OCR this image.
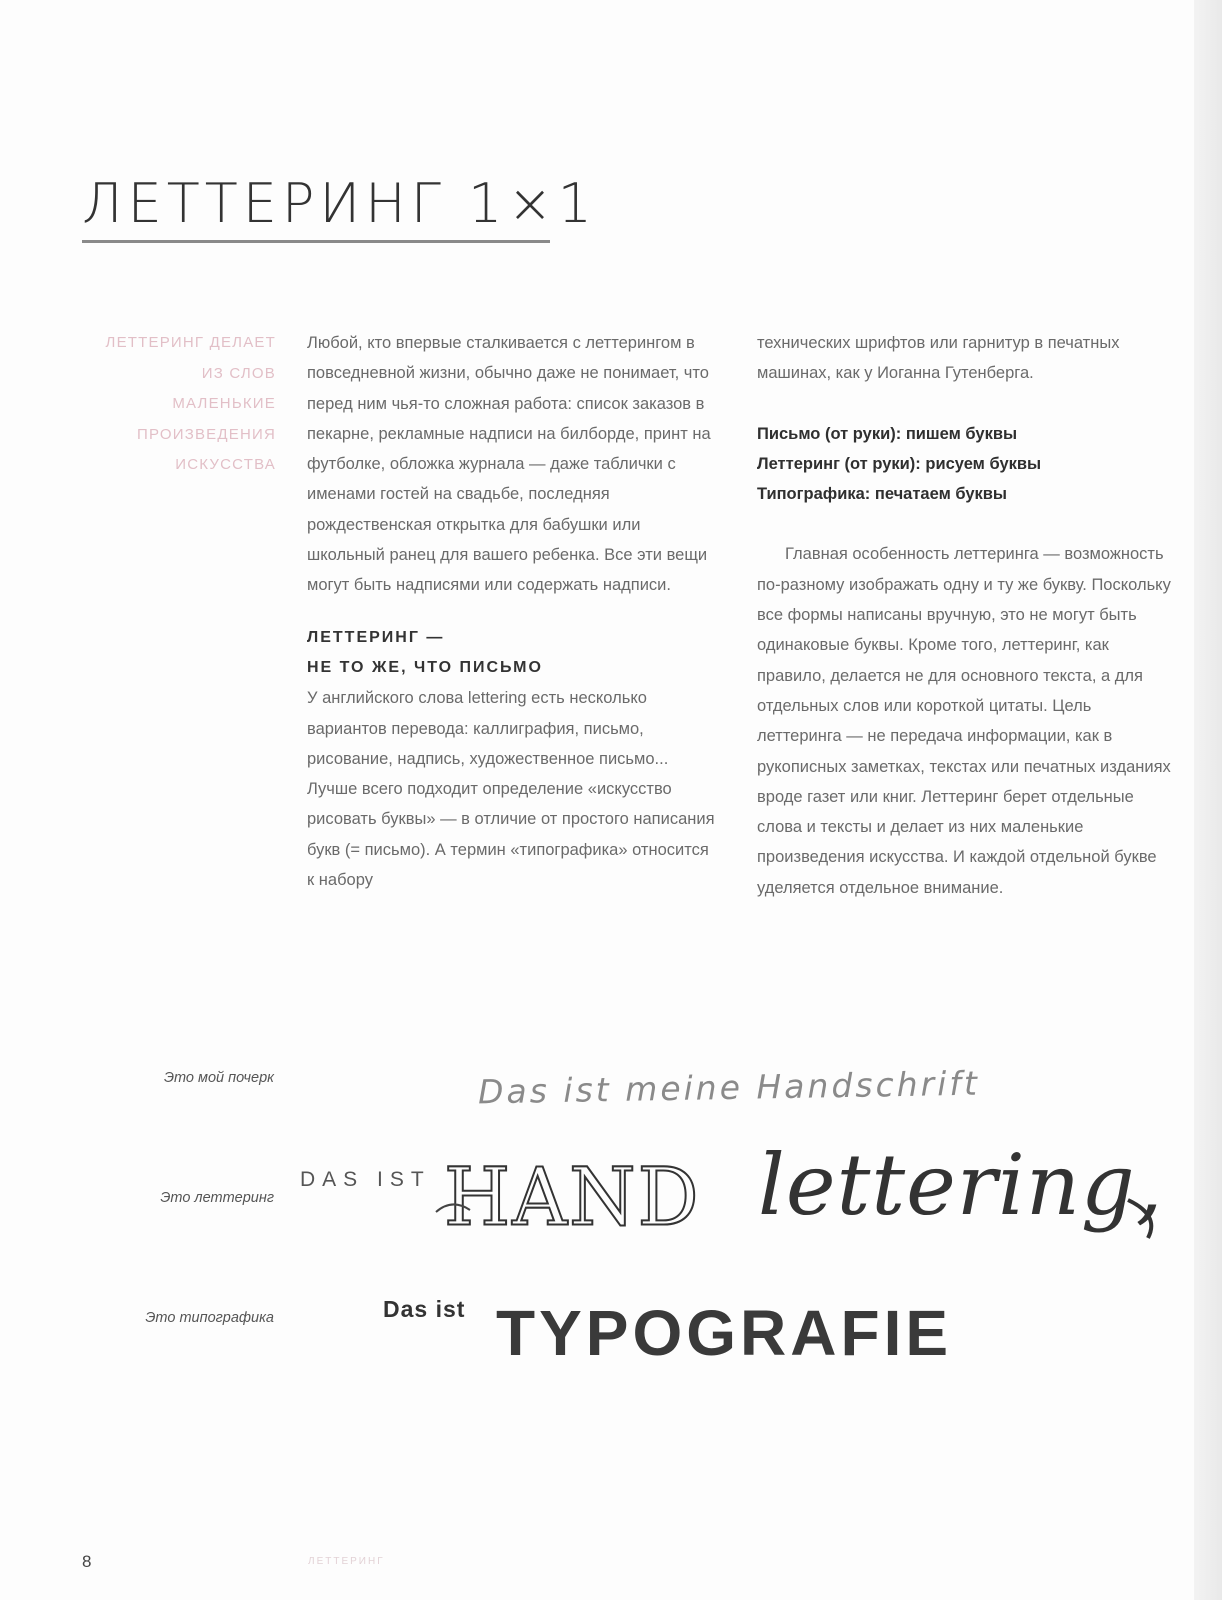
ЛЕТТЕРИНГ 1×1
ЛЕТТЕРИНГ ДЕЛАЕТ ИЗ СЛОВ МАЛЕНЬКИЕ ПРОИЗВЕДЕНИЯ ИСКУССТВА

Любой, кто впервые сталкивается с леттерингом в повседневной жизни, обычно даже не понимает, что перед ним чья-то сложная работа: список заказов в пекарне, рекламные надписи на билборде, принт на футболке, обложка журнала — даже таблички с именами гостей на свадьбе, последняя рождественская открытка для бабушки или школьный ранец для вашего ребенка. Все эти вещи могут быть надписями или содержать надписи.

ЛЕТТЕРИНГ —
НЕ ТО ЖЕ, ЧТО ПИСЬМО

У английского слова lettering есть несколько вариантов перевода: каллиграфия, письмо, рисование, надпись, художественное письмо... Лучше всего подходит определение «искусство рисовать буквы» — в отличие от простого написания букв (= письмо). А термин «типографика» относится к набору

технических шрифтов или гарнитур в печатных машинах, как у Иоганна Гутенберга.

Письмо (от руки): пишем буквы
Леттеринг (от руки): рисуем буквы
Типографика: печатаем буквы

Главная особенность леттеринга — возможность по-разному изображать одну и ту же букву. Поскольку все формы написаны вручную, это не могут быть одинаковые буквы. Кроме того, леттеринг, как правило, делается не для основного текста, а для отдельных слов или короткой цитаты. Цель леттеринга — не передача информации, как в рукописных заметках, текстах или печатных изданиях вроде газет или книг. Леттеринг берет отдельные слова и тексты и делает из них маленькие произведения искусства. И каждой отдельной букве уделяется отдельное внимание.

Это мой почерк
Это леттеринг
Это типографика
Das ist meine Handschrift
DAS IST HAND lettering,
Das ist TYPOGRAFIE
8	ЛЕТТЕРИНГ
